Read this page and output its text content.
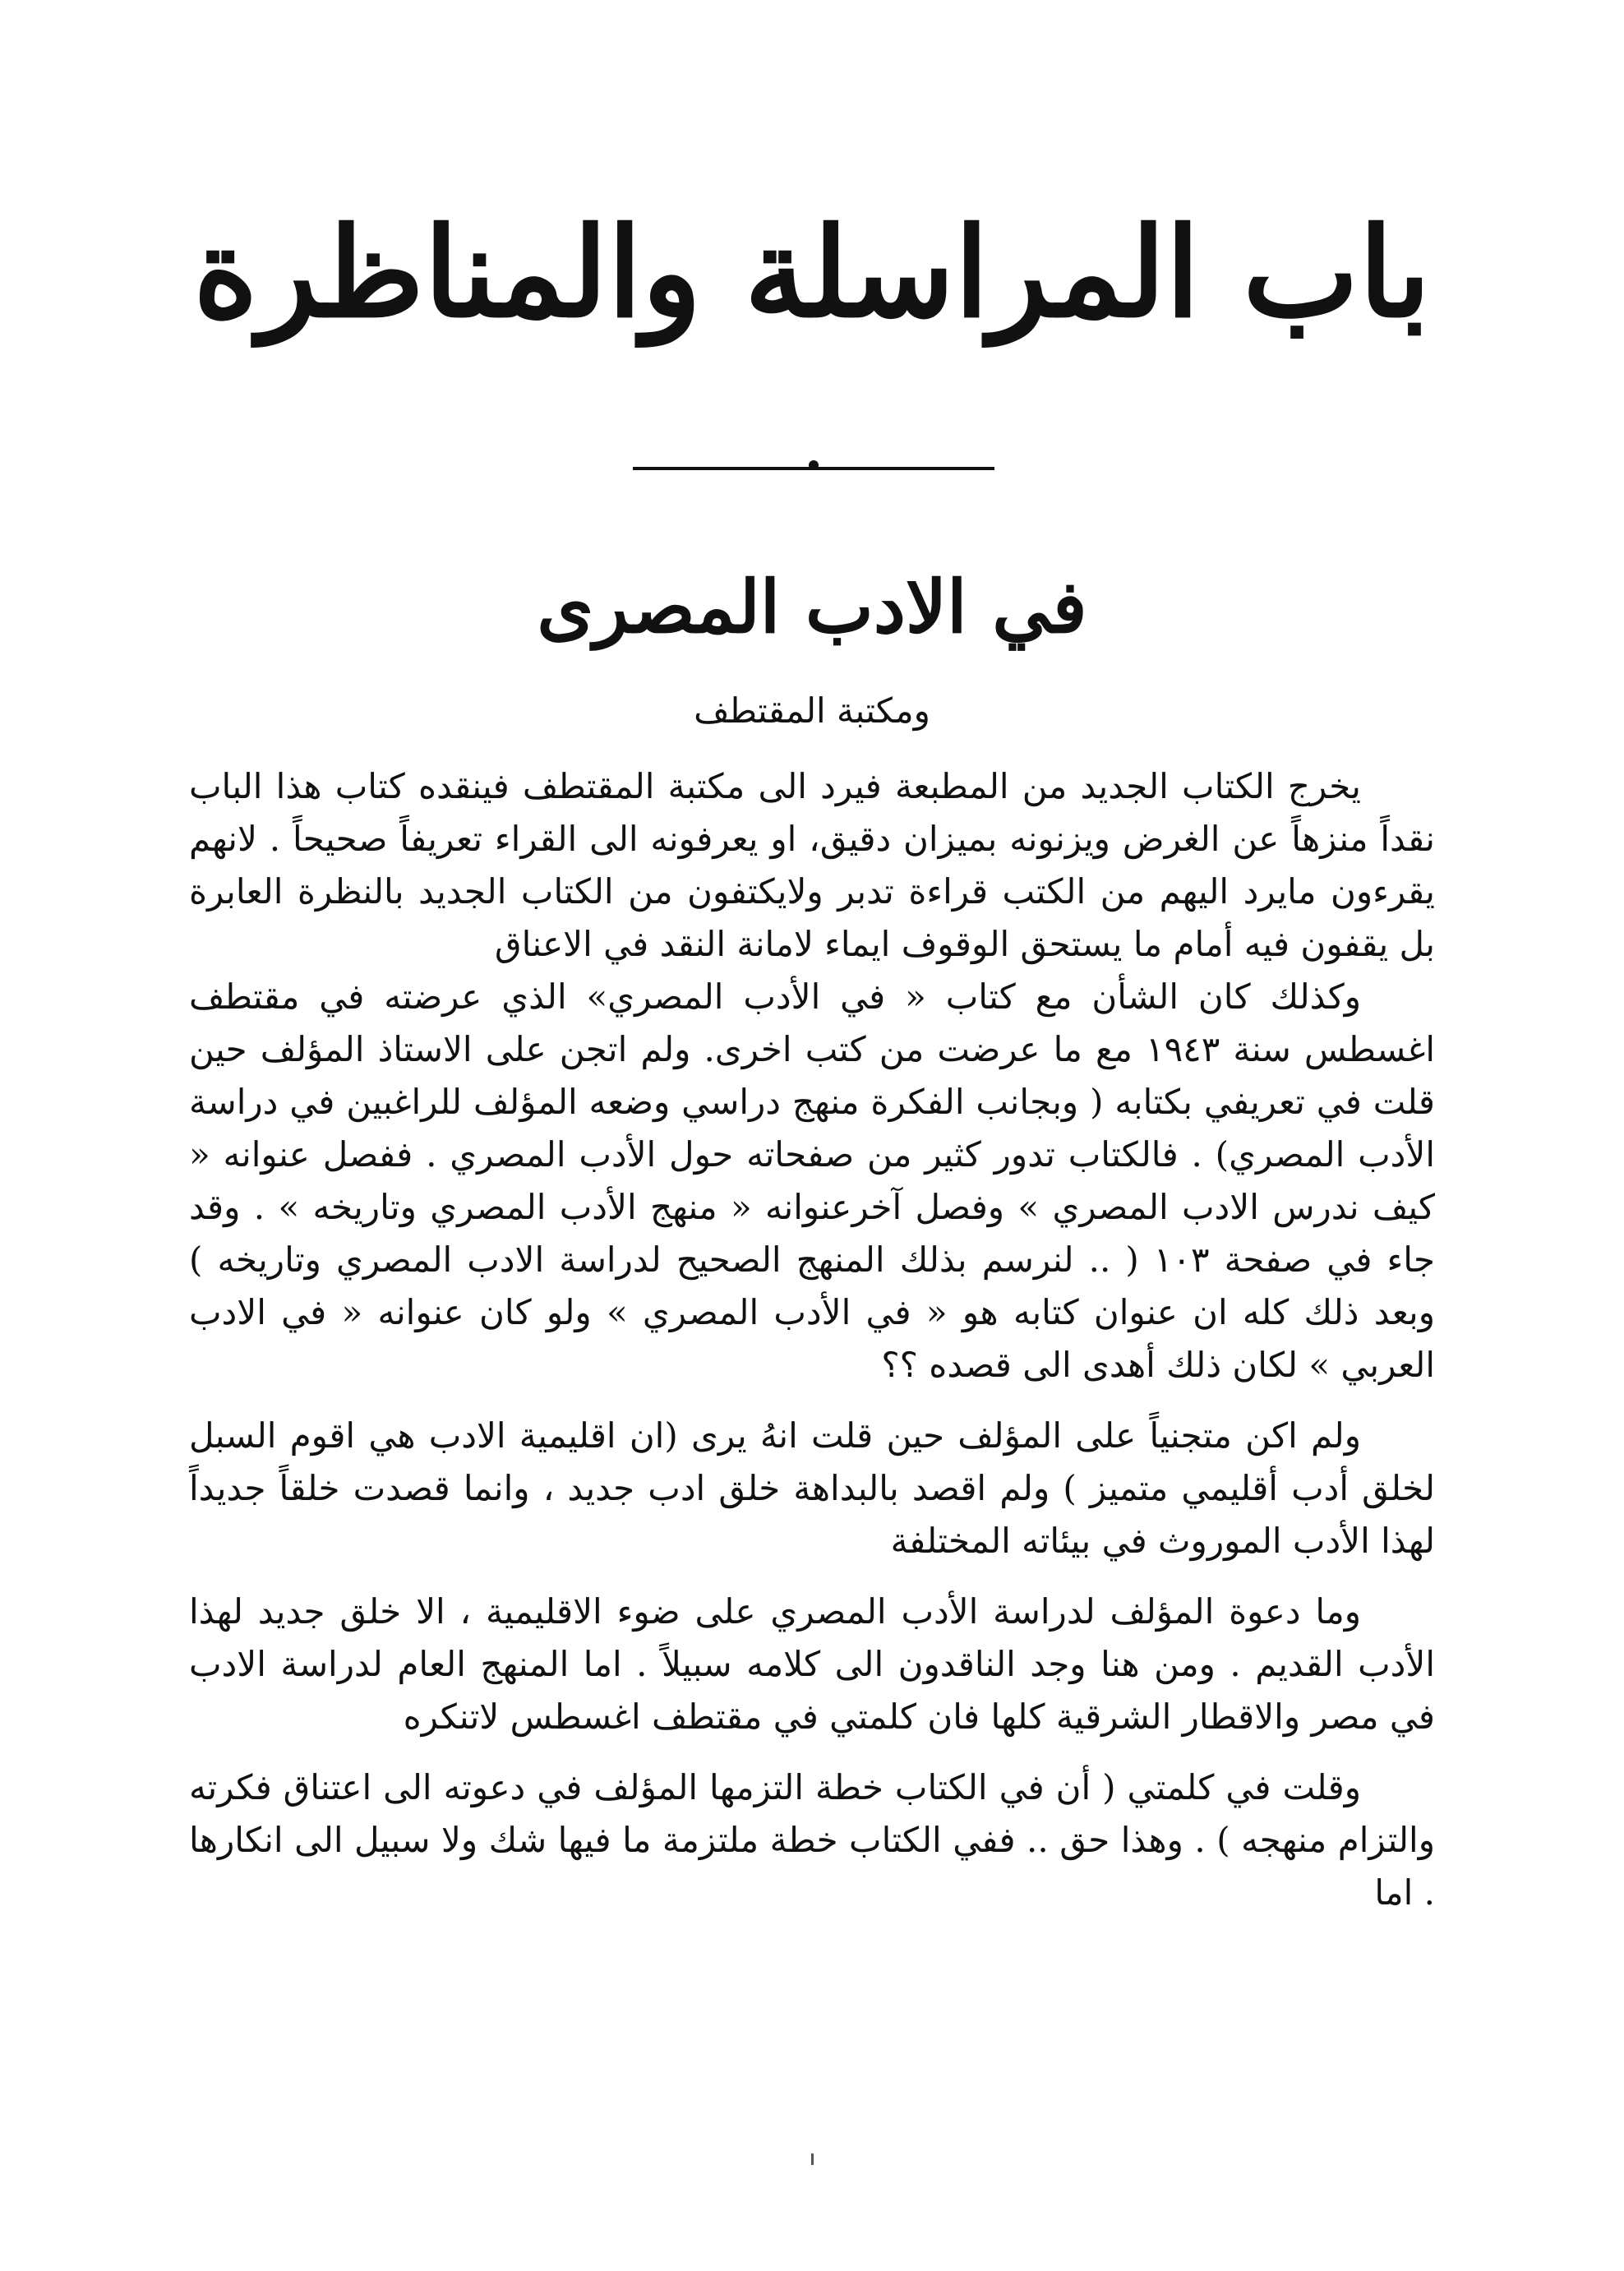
باب المراسلة والمناظرة
في الادب المصرى
ومكتبة المقتطف

يخرج الكتاب الجديد من المطبعة فيرد الى مكتبة المقتطف فينقده كتاب هذا الباب نقداً منزهاً عن الغرض ويزنونه بميزان دقيق، او يعرفونه الى القراء تعريفاً صحيحاً . لانهم يقرءون مايرد اليهم من الكتب قراءة تدبر ولايكتفون من الكتاب الجديد بالنظرة العابرة بل يقفون فيه أمام ما يستحق الوقوف ايماء لامانة النقد في الاعناق

وكذلك كان الشأن مع كتاب « في الأدب المصري» الذي عرضته في مقتطف اغسطس سنة ١٩٤٣ مع ما عرضت من كتب اخرى. ولم اتجن على الاستاذ المؤلف حين قلت في تعريفي بكتابه ( وبجانب الفكرة منهج دراسي وضعه المؤلف للراغبين في دراسة الأدب المصري) . فالكتاب تدور كثير من صفحاته حول الأدب المصري . ففصل عنوانه « كيف ندرس الادب المصري » وفصل آخرعنوانه « منهج الأدب المصري وتاريخه » . وقد جاء في صفحة ١٠٣ ( .. لنرسم بذلك المنهج الصحيح لدراسة الادب المصري وتاريخه ) وبعد ذلك كله ان عنوان كتابه هو « في الأدب المصري » ولو كان عنوانه « في الادب العربي » لكان ذلك أهدى الى قصده ؟؟

ولم اكن متجنياً على المؤلف حين قلت انهُ يرى (ان اقليمية الادب هي اقوم السبل لخلق أدب أقليمي متميز ) ولم اقصد بالبداهة خلق ادب جديد ، وانما قصدت خلقاً جديداً لهذا الأدب الموروث في بيئاته المختلفة

وما دعوة المؤلف لدراسة الأدب المصري على ضوء الاقليمية ، الا خلق جديد لهذا الأدب القديم . ومن هنا وجد الناقدون الى كلامه سبيلاً . اما المنهج العام لدراسة الادب في مصر والاقطار الشرقية كلها فان كلمتي في مقتطف اغسطس لاتنكره

وقلت في كلمتي ( أن في الكتاب خطة التزمها المؤلف في دعوته الى اعتناق فكرته والتزام منهجه ) . وهذا حق .. ففي الكتاب خطة ملتزمة ما فيها شك ولا سبيل الى انكارها . اما
